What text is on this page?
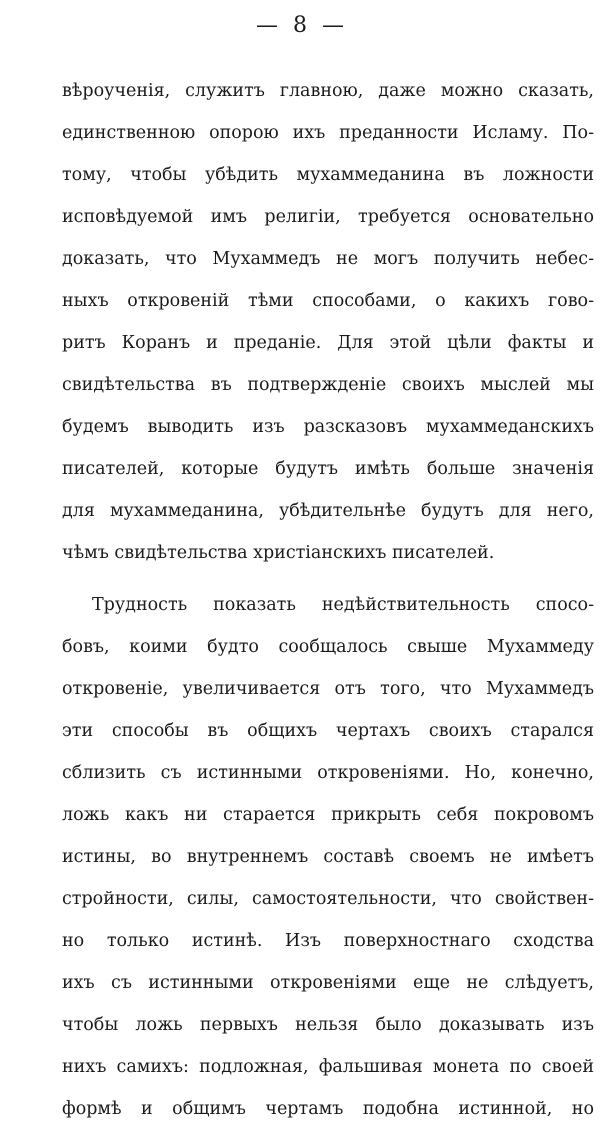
— 8 —
вѣроученія, служитъ главною, даже можно сказать,
единственною опорою ихъ преданности Исламу. По-
тому, чтобы убѣдить мухаммеданина въ ложности
исповѣдуемой имъ религіи, требуется основательно
доказать, что Мухаммедъ не могъ получить небес-
ныхъ откровеній тѣми способами, о какихъ гово-
ритъ Коранъ и преданіе. Для этой цѣли факты и
свидѣтельства въ подтвержденіе своихъ мыслей мы
будемъ выводить изъ разсказовъ мухаммеданскихъ
писателей, которые будутъ имѣть больше значенія
для мухаммеданина, убѣдительнѣе будутъ для него,
чѣмъ свидѣтельства христіанскихъ писателей.
Трудность показать недѣйствительность спосо-
бовъ, коими будто сообщалось свыше Мухаммеду
откровеніе, увеличивается отъ того, что Мухаммедъ
эти способы въ общихъ чертахъ своихъ старался
сблизить съ истинными откровеніями. Но, конечно,
ложь какъ ни старается прикрыть себя покровомъ
истины, во внутреннемъ составѣ своемъ не имѣетъ
стройности, силы, самостоятельности, что свойствен-
но только истинѣ. Изъ поверхностнаго сходства
ихъ съ истинными откровеніями еще не слѣдуетъ,
чтобы ложь первыхъ нельзя было доказывать изъ
нихъ самихъ: подложная, фальшивая монета по своей
формѣ и общимъ чертамъ подобна истинной, но
